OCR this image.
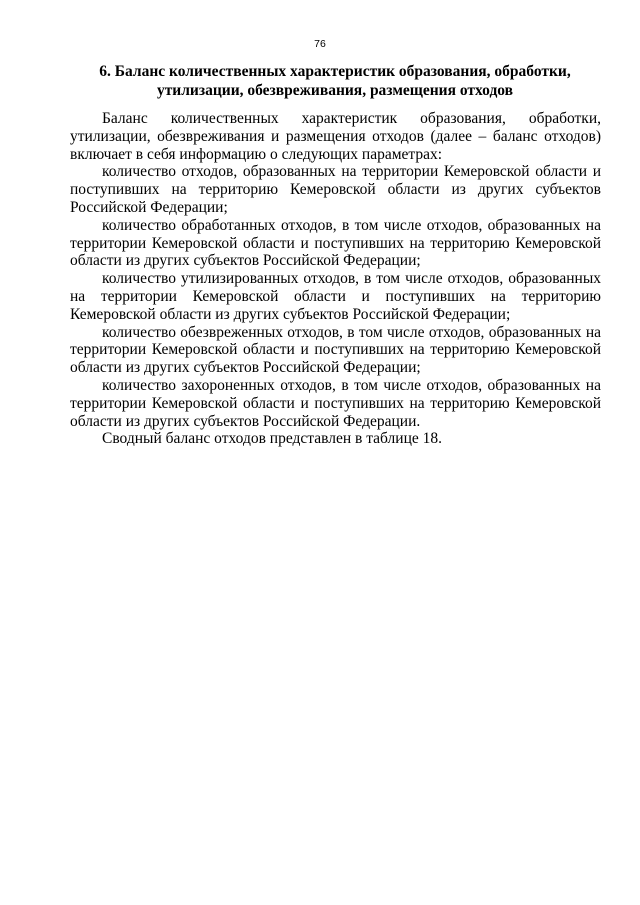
76
6. Баланс количественных характеристик образования, обработки,
утилизации, обезвреживания, размещения отходов

Баланс количественных характеристик образования, обработки, утилизации, обезвреживания и размещения отходов (далее – баланс отходов) включает в себя информацию о следующих параметрах:

количество отходов, образованных на территории Кемеровской области и поступивших на территорию Кемеровской области из других субъектов Российской Федерации;

количество обработанных отходов, в том числе отходов, образованных на территории Кемеровской области и поступивших на территорию Кемеровской области из других субъектов Российской Федерации;

количество утилизированных отходов, в том числе отходов, образованных на территории Кемеровской области и поступивших на территорию Кемеровской области из других субъектов Российской Федерации;

количество обезвреженных отходов, в том числе отходов, образованных на территории Кемеровской области и поступивших на территорию Кемеровской области из других субъектов Российской Федерации;

количество захороненных отходов, в том числе отходов, образованных на территории Кемеровской области и поступивших на территорию Кемеровской области из других субъектов Российской Федерации.

Сводный баланс отходов представлен в таблице 18.
